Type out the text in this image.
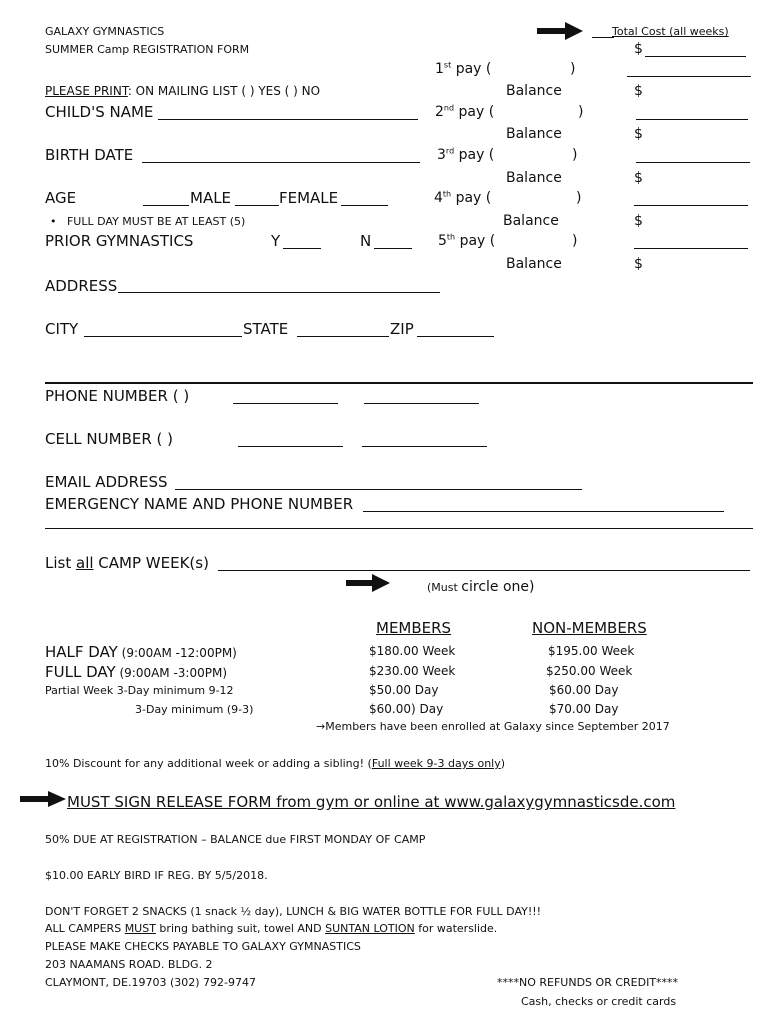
GALAXY GYMNASTICS
SUMMER Camp REGISTRATION FORM
Total Cost (all weeks)
$
1st pay (	)
Balance	$
2nd pay (	)
Balance	$
3rd pay (	)
Balance	$
4th pay (	)
Balance	$
5th pay (	)
Balance	$
PLEASE PRINT: ON MAILING LIST ( ) YES ( ) NO
CHILD'S NAME
BIRTH DATE
AGE	MALE	FEMALE
•   FULL DAY MUST BE AT LEAST (5)
PRIOR GYMNASTICS	Y	N
ADDRESS
CITY	STATE	ZIP
PHONE NUMBER ( )
CELL NUMBER ( )
EMAIL ADDRESS
EMERGENCY NAME AND PHONE NUMBER
List all CAMP WEEK(s)
(Must circle one)
MEMBERS	NON-MEMBERS
HALF DAY (9:00AM -12:00PM)	$180.00 Week	$195.00 Week
FULL DAY (9:00AM -3:00PM)	$230.00 Week	$250.00 Week
Partial Week 3-Day minimum 9-12	$50.00 Day	$60.00 Day
3-Day minimum (9-3)	$60.00) Day	$70.00 Day
→Members have been enrolled at Galaxy since September 2017
10% Discount for any additional week or adding a sibling! (Full week 9-3 days only)
MUST SIGN RELEASE FORM from gym or online at www.galaxygymnasticsde.com
50% DUE AT REGISTRATION – BALANCE due FIRST MONDAY OF CAMP
$10.00 EARLY BIRD IF REG. BY 5/5/2018.
DON'T FORGET 2 SNACKS (1 snack ½ day), LUNCH & BIG WATER BOTTLE FOR FULL DAY!!!
ALL CAMPERS MUST bring bathing suit, towel AND SUNTAN LOTION for waterslide.
PLEASE MAKE CHECKS PAYABLE TO GALAXY GYMNASTICS
203 NAAMANS ROAD. BLDG. 2
CLAYMONT, DE.19703 (302) 792-9747	****NO REFUNDS OR CREDIT****
Cash, checks or credit cards
